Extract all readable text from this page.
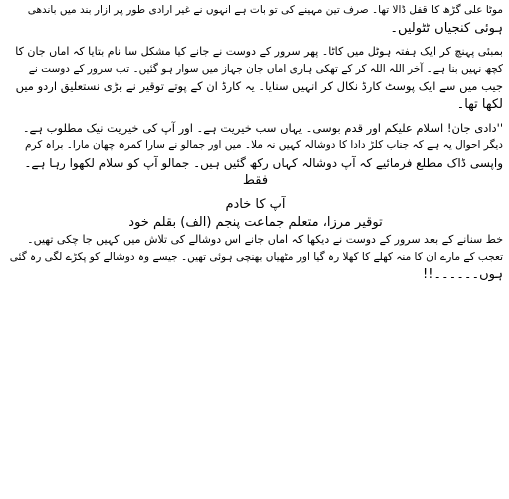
موٹا علی گڑھ کا قفل ڈالا تھا۔ صرف تین مہینے کی تو بات ہے انہوں نے غیر ارادی طور پر ازار بند میں باندھی
ہوئی کنجیاں ٹٹولیں۔
بمبئی پہنچ کر ایک ہفتہ ہوٹل میں کاٹا۔ پھر سرور کے دوست نے جانے کیا مشکل سا نام بتایا کہ اماں جان کا
کچھ نہیں بنا ہے۔ آخر اللہ اللہ کر کے تھکی ہاری اماں جان جہاز میں سوار ہو گئیں۔ تب سرور کے دوست نے
جیب میں سے ایک پوسٹ کارڈ نکال کر انہیں سنایا۔ یہ کارڈ ان کے پوتے توقیر نے بڑی نستعلیق اردو میں
لکھا تھا۔
''دادی جان! اسلام علیکم اور قدم بوسی۔ یہاں سب خیریت ہے۔ اور آپ کی خیریت نیک مطلوب ہے۔
دیگر احوال یہ ہے کہ جناب کلڑ دادا کا دوشالہ کہیں نہ ملا۔ میں اور جمالو نے سارا کمرہ چھان مارا۔ براہ کرم
واپسی ڈاک مطلع فرمائیے کہ آپ دوشالہ کہاں رکھ گئیں ہیں۔ جمالو آپ کو سلام لکھوا رہا ہے۔
فقط
آپ کا خادم
توقیر مرزا، متعلم جماعت پنجم (الف) بقلم خود
خط سنانے کے بعد سرور کے دوست نے دیکھا کہ اماں جانے اس دوشالے کی تلاش میں کہیں جا چکی تھیں۔
تعجب کے مارے ان کا منہ کھلے کا کھلا رہ گیا اور مٹھیاں بھنچی ہوئی تھیں۔ جیسے وہ دوشالے کو پکڑے لگی رہ گئی
ہوں۔۔۔۔۔۔!!
